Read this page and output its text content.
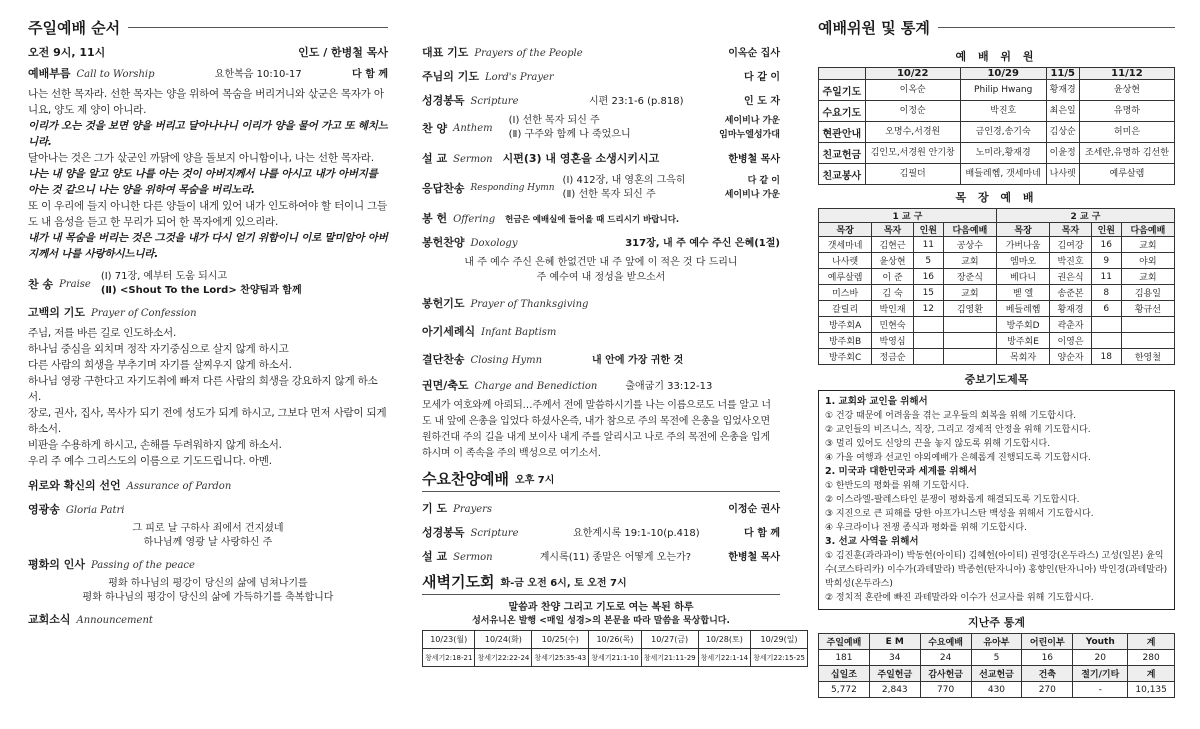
주일예배 순서
오전 9시, 11시	인도 / 한병철 목사
예배부름 Call to Worship	요한복음 10:10-17	다 함 께
나는 선한 목자라. 선한 목자는 양을 위하여 목숨을 버리거니와 삯군은 목자가 아니요, 양도 제 양이 아니라.
이리가 오는 것을 보면 양을 버리고 달아나나니 이리가 양을 물어 가고 또 헤치느니라.
달아나는 것은 그가 삯군인 까닭에 양을 돌보지 아니함이나, 나는 선한 목자라.
나는 내 양을 알고 양도 나를 아는 것이 아버지께서 나를 아시고 내가 아버지를 아는 것 같으니 나는 양을 위하여 목숨을 버리노라.
또 이 우리에 들지 아니한 다른 양들이 내게 있어 내가 인도하여야 할 터이니 그들도 내 음성을 듣고 한 무리가 되어 한 목자에게 있으리라.
내가 내 목숨을 버리는 것은 그것을 내가 다시 얻기 위함이니 이로 말미암아 아버지께서 나를 사랑하시느니라.
찬 송 Praise
(Ⅰ) 71장, 예부터 도움 되시고
(Ⅱ) <Shout To the Lord> 찬양팀과 함께
고백의 기도 Prayer of Confession
주님, 저를 바른 길로 인도하소서.
하나님 중심을 외치며 정작 자기중심으로 살지 않게 하시고
다른 사람의 희생을 부추기며 자기를 살찌우지 않게 하소서.
하나님 영광 구한다고 자기도취에 빠져 다른 사람의 희생을 강요하지 않게 하소서.
장로, 권사, 집사, 목사가 되기 전에 성도가 되게 하시고, 그보다 먼저 사람이 되게 하소서.
비판을 수용하게 하시고, 손해를 두려워하지 않게 하소서.
우리 주 예수 그리스도의 이름으로 기도드립니다. 아멘.
위로와 확신의 선언 Assurance of Pardon
영광송 Gloria Patri
그 피로 날 구하사 죄에서 건지셨네
하나님께 영광 날 사랑하신 주
평화의 인사 Passing of the peace
평화 하나님의 평강이 당신의 삶에 넘쳐나기를
평화 하나님의 평강이 당신의 삶에 가득하기를 축복합니다
교회소식 Announcement
대표 기도 Prayers of the People	이옥순 집사
주님의 기도 Lord's Prayer	다 같 이
성경봉독 Scripture	시편 23:1-6 (p.818)	인 도 자
찬 양 Anthem
(Ⅰ) 선한 목자 되신 주	세이비나 가운
(Ⅱ) 구주와 함께 나 죽었으니	임마누엘성가대
설 교 Sermon 시편(3) 내 영혼을 소생시키시고	한병철 목사
응답찬송 Responding Hymn
(Ⅰ) 412장, 내 영혼의 그윽히	다 같 이
(Ⅱ) 선한 목자 되신 주	세이비나 가운
봉 헌 Offering 헌금은 예배실에 들어올 때 드리시기 바랍니다.
봉헌찬양 Doxology	317장, 내 주 예수 주신 은혜(1절)
내 주 예수 주신 은혜 한없건만 내 주 앞에 이 적은 것 다 드리니
주 예수여 내 정성을 받으소서
봉헌기도 Prayer of Thanksgiving
아기세례식 Infant Baptism
결단찬송 Closing Hymn	내 안에 가장 귀한 것
권면/축도 Charge and Benediction	출애굽기 33:12-13
모세가 여호와께 아뢰되…주께서 전에 말씀하시기를 나는 이름으로도 너를 알고 너도 내 앞에 은총을 입었다 하셨사온즉, 내가 참으로 주의 목전에 은총을 입었사오면 원하건대 주의 길을 내게 보이사 내게 주를 알리시고 나로 주의 목전에 은총을 입게 하시며 이 족속을 주의 백성으로 여기소서.
수요찬양예배 오후 7시
기 도 Prayers	이정순 권사
성경봉독 Scripture	요한계시록 19:1-10(p.418)	다 함 께
설 교 Sermon	계시록(11) 종말은 어떻게 오는가?	한병철 목사
새벽기도회 화-금 오전 6시, 토 오전 7시
말씀과 찬양 그리고 기도로 여는 복된 하루
성서유니온 발행 <매일 성경>의 본문을 따라 말씀을 묵상합니다.
10/23(월)	10/24(화)	10/25(수)	10/26(목)	10/27(금)	10/28(토)	10/29(일)
창세기2:18-21	창세기22:22-24	창세기25:35-43	창세기21:1-10	창세기21:11-29	창세기22:1-14	창세기22:15-25
예배위원 및 통계
예 배 위 원
	10/22	10/29	11/5	11/12
주일기도	이옥순	Philip Hwang	황재경	윤상현
수요기도	이정순	박진호	최은일	유명하
현관안내	오명수,서경원	금인경,송기숙	김상순	허미은
친교헌금	김인모,서경원 안기창	노미라,황재경	이윤정	조세란,유명하 김선한
친교봉사	김필더	배들레헴, 갯세마네	나사렛	예루살렘
목 장 예 배
1 교 구				2 교 구			
목장	목자	인원	다음예배	목장	목자	인원	다음예배
갯세마네	김현근	11	공상수	가버나움	김여강	16	교회
나사렛	윤상현	5	교회	엠마오	박진호	9	야외
예루살렘	이 준	16	장준식	베다니	권은식	11	교회
미스바	김 숙	15	교회	벧 엘	송준본	8	김용일
갈릴리	박인재	12	김영환	베들레헴	황재경	6	황규선
방주회A	민현숙			방주회D	곽춘자		
방주회B	박영심			방주회E	이영은		
방주회C	정금순			목회자	양순자	18	한영철
중보기도제목
1. 교회와 교인을 위해서
① 건강 때문에 어려움을 겪는 교우들의 회복을 위해 기도합시다.
② 교인들의 비즈니스, 직장, 그리고 경제적 안정을 위해 기도합시다.
③ 멀리 있어도 신앙의 끈을 놓지 않도록 위해 기도합시다.
④ 가을 여행과 선교인 야외예배가 은혜롭게 진행되도록 기도합시다.
2. 미국과 대한민국과 세계를 위해서
① 한반도의 평화를 위해 기도합시다.
② 이스라엘-팔레스타인 분쟁이 평화롭게 해결되도록 기도합시다.
③ 지진으로 큰 피해를 당한 아프가니스탄 백성을 위해서 기도합시다.
④ 우크라이나 전쟁 종식과 평화를 위해 기도합시다.
3. 선교 사역을 위해서
① 김진훈(과라과이) 박동헌(아이티) 김혜헌(아이티) 권영강(온두라스) 고성(일본) 윤익수(코스타리카) 이수가(과테말라) 박종헌(탄자니아) 홍향인(탄자니아) 박인경(과테말라) 박희성(온두라스)
② 정치적 혼란에 빠진 과테말라와 이수가 선교사를 위해 기도합시다.
지난주 통계
주일예배	E M	수요예배	유아부	어린이부	Youth	계
181	34	24	5	16	20	280
십일조	주일헌금	감사헌금	선교헌금	건축	절기/기타	계
5,772	2,843	770	430	270	-	10,135
